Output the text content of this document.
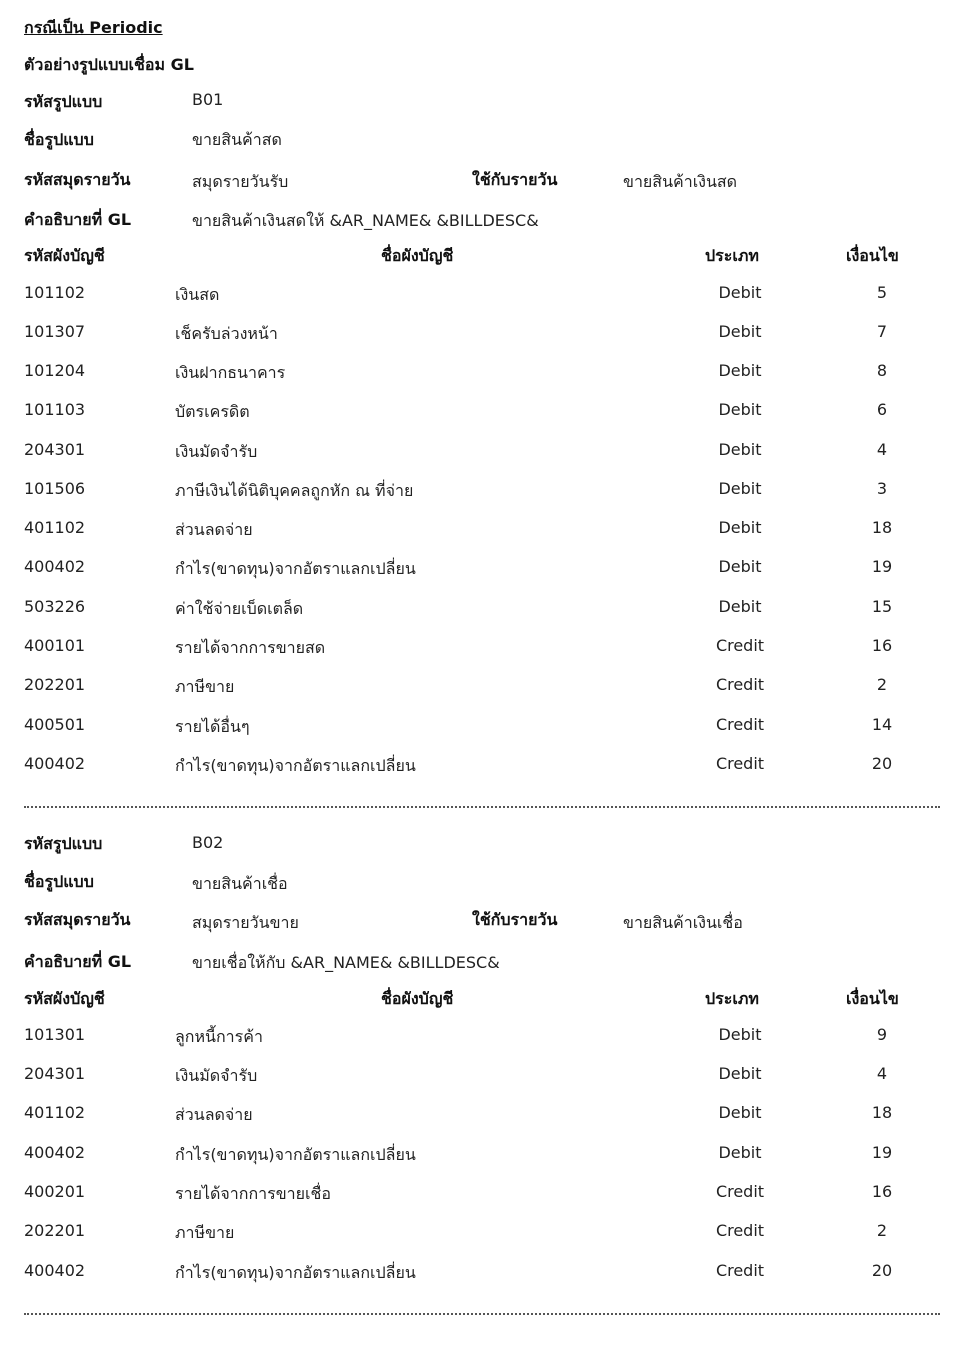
กรณีเป็น Periodic
ตัวอย่างรูปแบบเชื่อม GL
รหัสรูปแบบ	B01
ชื่อรูปแบบ	ขายสินค้าสด
รหัสสมุดรายวัน	สมุดรายวันรับ	ใช้กับรายวัน	ขายสินค้าเงินสด
คำอธิบายที่ GL	ขายสินค้าเงินสดให้ &AR_NAME& &BILLDESC&
รหัสผังบัญชี	ชื่อผังบัญชี	ประเภท	เงื่อนไข
101102	เงินสด	Debit	5
101307	เช็ครับล่วงหน้า	Debit	7
101204	เงินฝากธนาคาร	Debit	8
101103	บัตรเครดิต	Debit	6
204301	เงินมัดจำรับ	Debit	4
101506	ภาษีเงินได้นิติบุคคลถูกหัก ณ ที่จ่าย	Debit	3
401102	ส่วนลดจ่าย	Debit	18
400402	กำไร(ขาดทุน)จากอัตราแลกเปลี่ยน	Debit	19
503226	ค่าใช้จ่ายเบ็ดเตล็ด	Debit	15
400101	รายได้จากการขายสด	Credit	16
202201	ภาษีขาย	Credit	2
400501	รายได้อื่นๆ	Credit	14
400402	กำไร(ขาดทุน)จากอัตราแลกเปลี่ยน	Credit	20
รหัสรูปแบบ	B02
ชื่อรูปแบบ	ขายสินค้าเชื่อ
รหัสสมุดรายวัน	สมุดรายวันขาย	ใช้กับรายวัน	ขายสินค้าเงินเชื่อ
คำอธิบายที่ GL	ขายเชื่อให้กับ &AR_NAME& &BILLDESC&
รหัสผังบัญชี	ชื่อผังบัญชี	ประเภท	เงื่อนไข
101301	ลูกหนี้การค้า	Debit	9
204301	เงินมัดจำรับ	Debit	4
401102	ส่วนลดจ่าย	Debit	18
400402	กำไร(ขาดทุน)จากอัตราแลกเปลี่ยน	Debit	19
400201	รายได้จากการขายเชื่อ	Credit	16
202201	ภาษีขาย	Credit	2
400402	กำไร(ขาดทุน)จากอัตราแลกเปลี่ยน	Credit	20
